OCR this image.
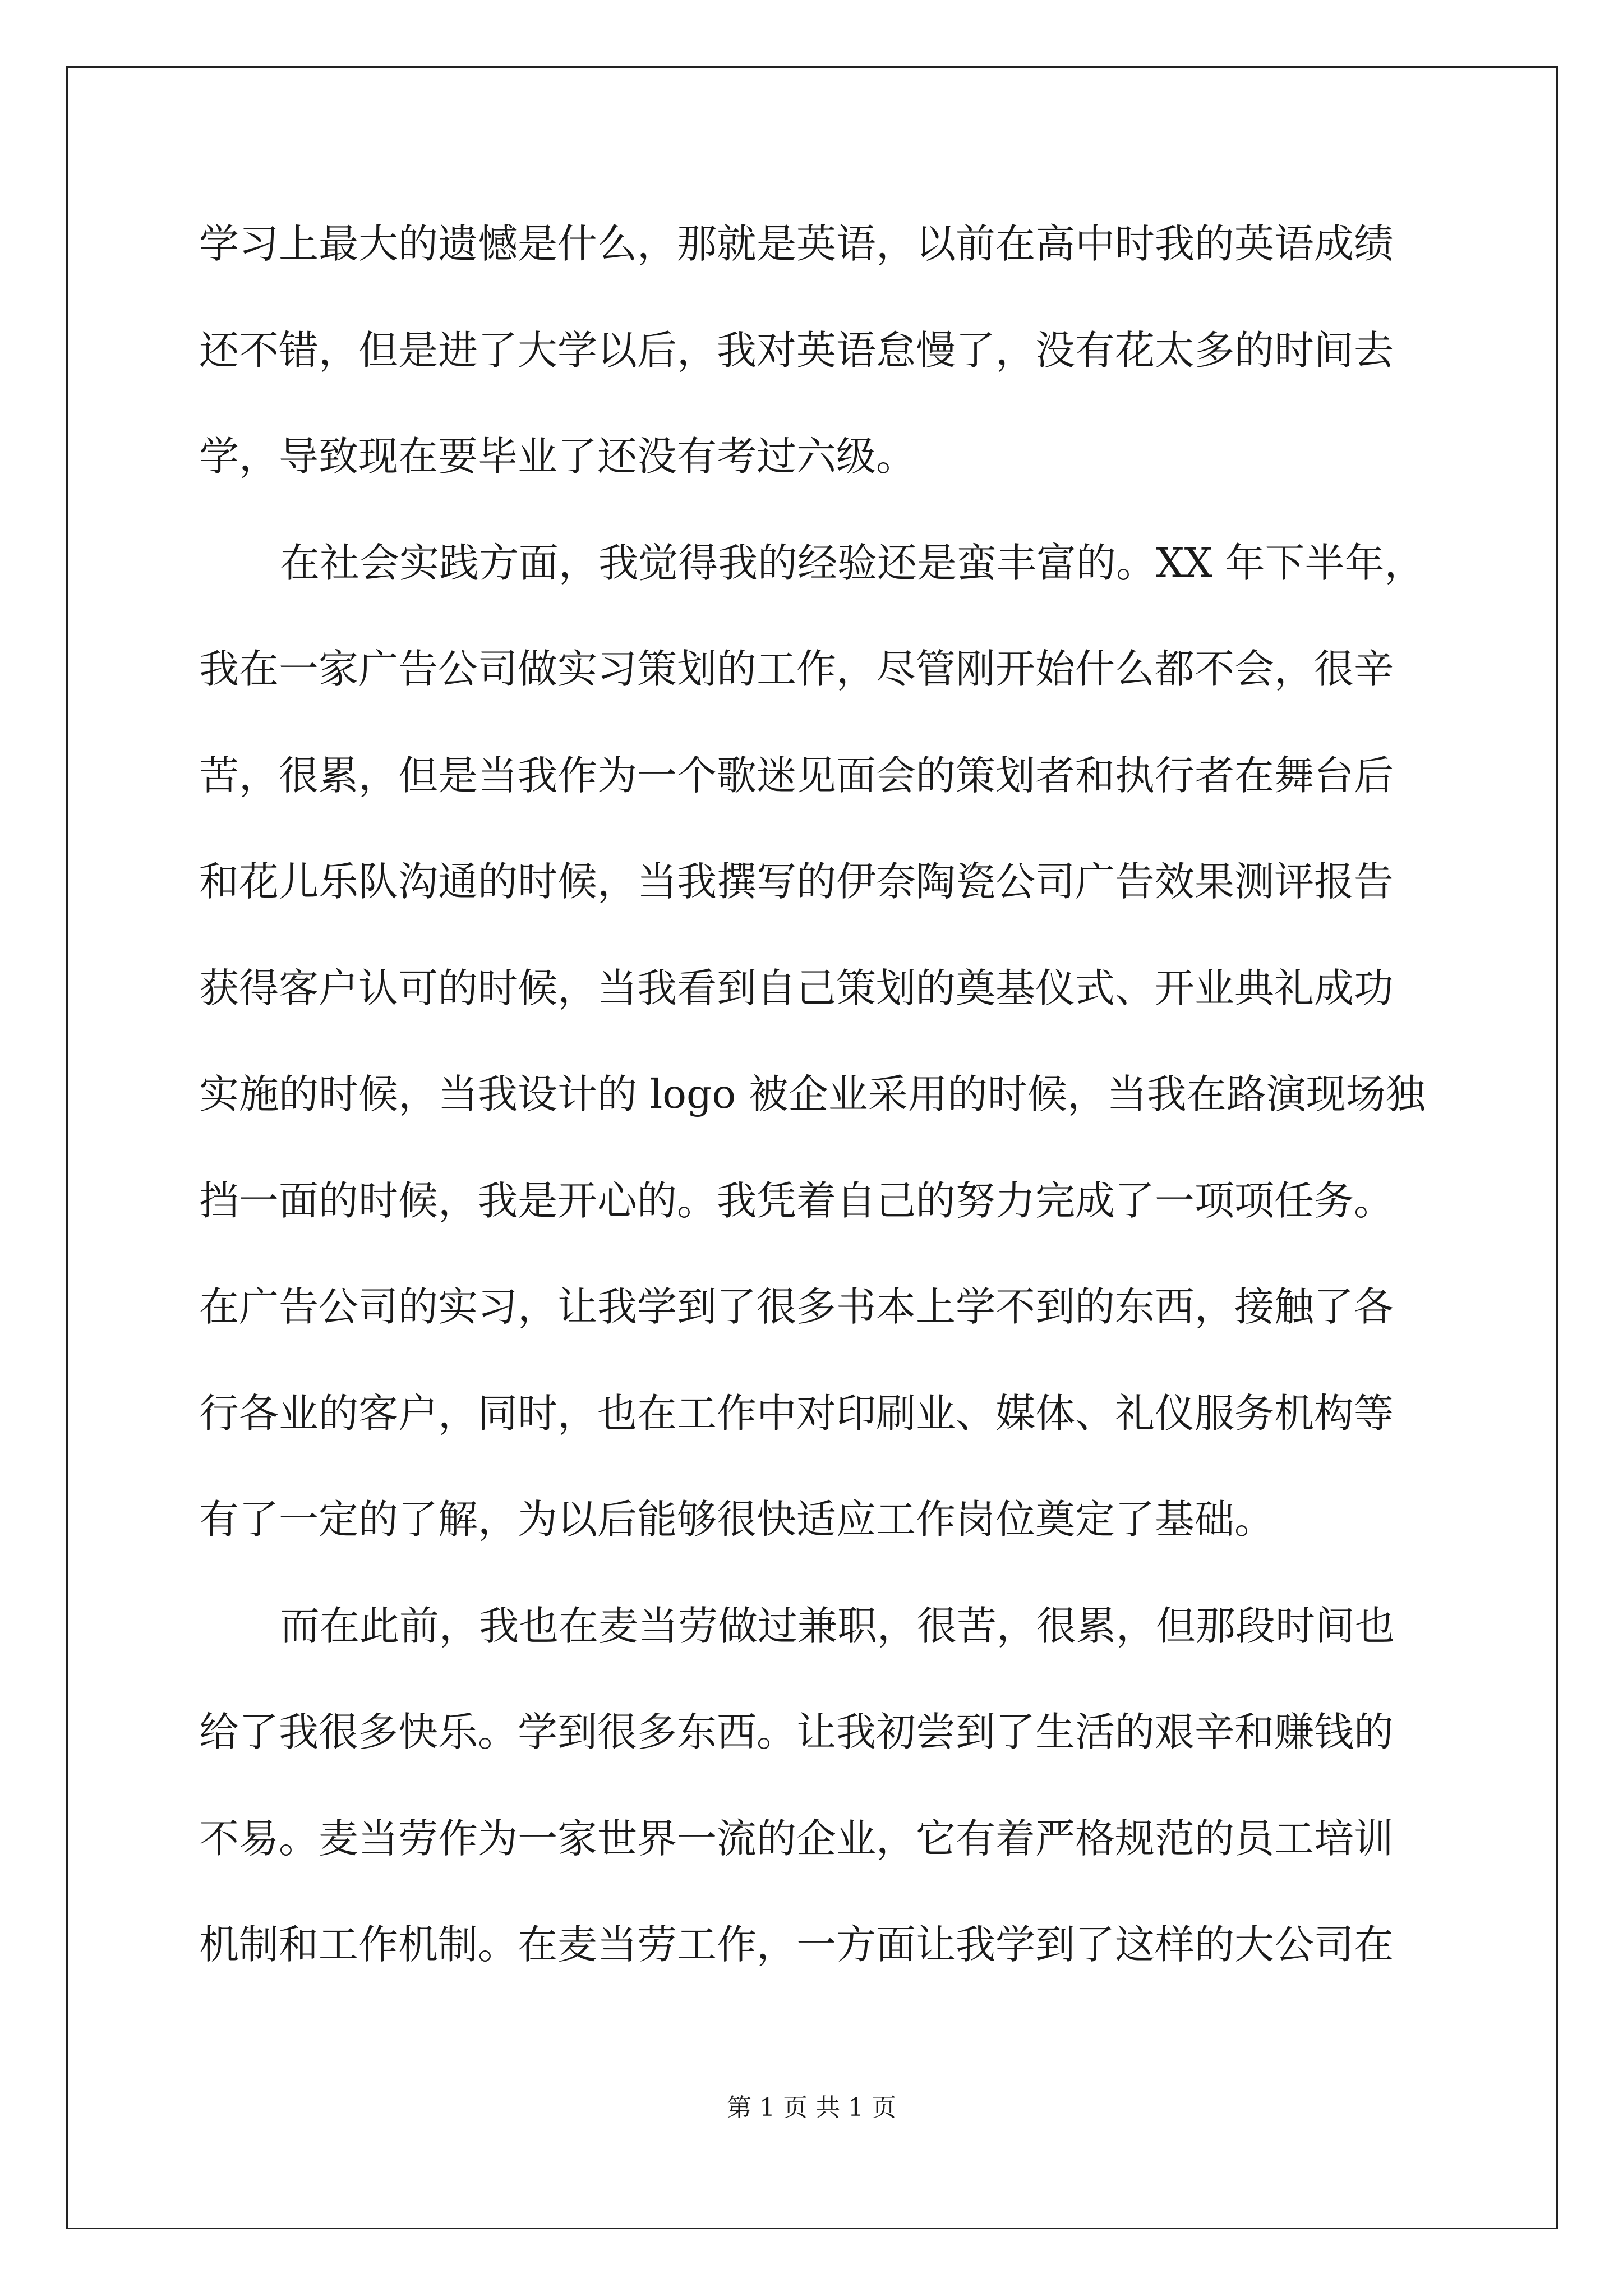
学习上最大的遗憾是什么，那就是英语，以前在高中时我的英语成绩
还不错，但是进了大学以后，我对英语怠慢了，没有花太多的时间去
学，导致现在要毕业了还没有考过六级。
在社会实践方面，我觉得我的经验还是蛮丰富的。XX 年下半年，
我在一家广告公司做实习策划的工作，尽管刚开始什么都不会，很辛
苦，很累，但是当我作为一个歌迷见面会的策划者和执行者在舞台后
和花儿乐队沟通的时候，当我撰写的伊奈陶瓷公司广告效果测评报告
获得客户认可的时候，当我看到自己策划的奠基仪式、开业典礼成功
实施的时候，当我设计的 logo 被企业采用的时候，当我在路演现场独
挡一面的时候，我是开心的。我凭着自己的努力完成了一项项任务。
在广告公司的实习，让我学到了很多书本上学不到的东西，接触了各
行各业的客户，同时，也在工作中对印刷业、媒体、礼仪服务机构等
有了一定的了解，为以后能够很快适应工作岗位奠定了基础。
而在此前，我也在麦当劳做过兼职，很苦，很累，但那段时间也
给了我很多快乐。学到很多东西。让我初尝到了生活的艰辛和赚钱的
不易。麦当劳作为一家世界一流的企业，它有着严格规范的员工培训
机制和工作机制。在麦当劳工作，一方面让我学到了这样的大公司在
第 1 页 共 1 页
